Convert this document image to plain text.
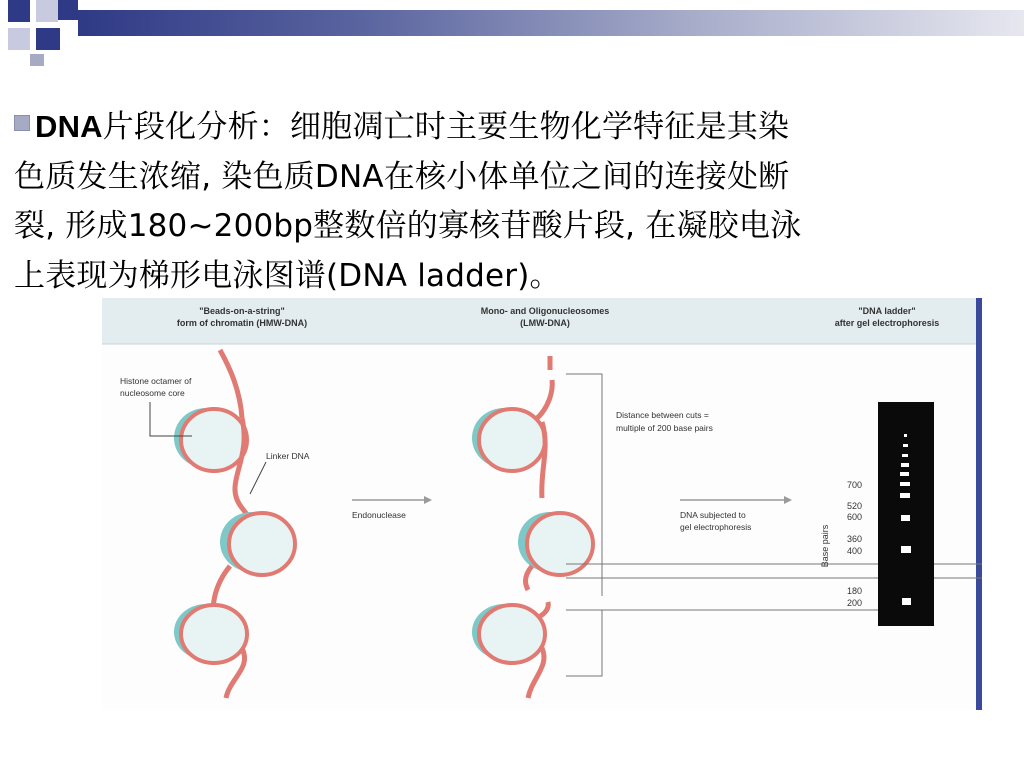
DNA片段化分析：细胞凋亡时主要生物化学特征是其染
色质发生浓缩, 染色质DNA在核小体单位之间的连接处断
裂, 形成180~200bp整数倍的寡核苷酸片段, 在凝胶电泳
上表现为梯形电泳图谱(DNA ladder)。
"Beads-on-a-string"
form of chromatin (HMW-DNA)
Mono- and Oligonucleosomes
(LMW-DNA)
"DNA ladder"
after gel electrophoresis
Histone octamer of
nucleosome core
Linker DNA
Endonuclease
Distance between cuts =
multiple of 200 base pairs
DNA subjected to
gel electrophoresis	Base pairs
700
520
600
360
400
180
200
